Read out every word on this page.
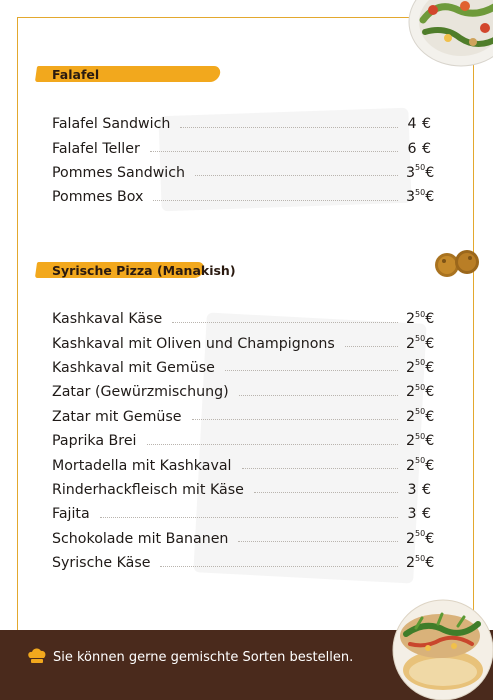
Falafel
Falafel Sandwich	4 €
Falafel Teller	6 €
Pommes Sandwich	3 50 €
Pommes Box	3 50 €
Syrische Pizza (Manakish)
Kashkaval Käse	2 50 €
Kashkaval mit Oliven und Champignons	2 50 €
Kashkaval mit Gemüse	2 50 €
Zatar (Gewürzmischung)	2 50 €
Zatar mit Gemüse	2 50 €
Paprika Brei	2 50 €
Mortadella mit Kashkaval	2 50 €
Rinderhackfleisch mit Käse	3 €
Fajita	3 €
Schokolade mit Bananen	2 50 €
Syrische Käse	2 50 €
Sie können gerne gemischte Sorten bestellen.
